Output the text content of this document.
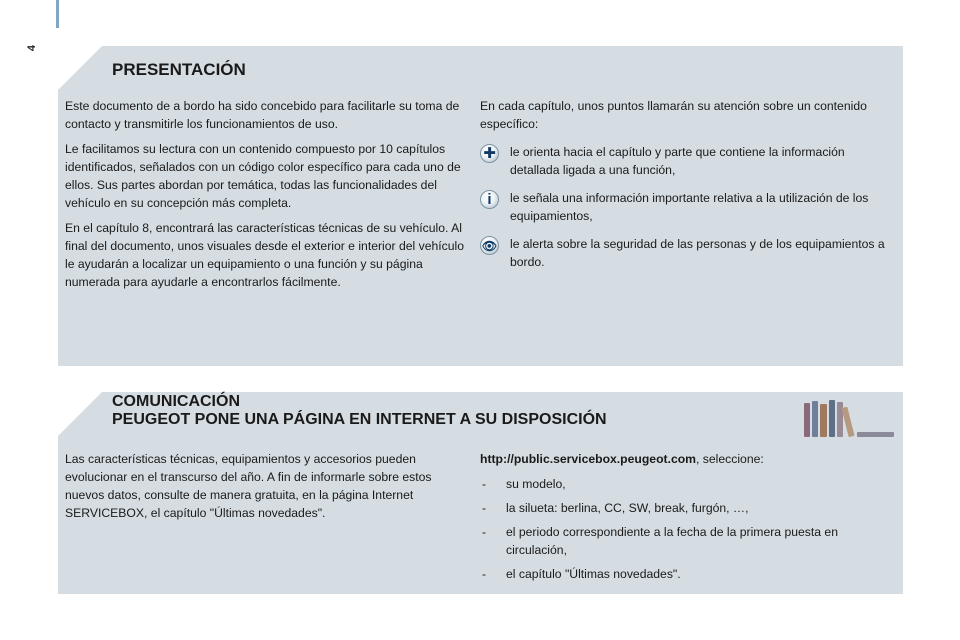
4
PRESENTACIÓN

Este documento de a bordo ha sido concebido para facilitarle su toma de contacto y transmitirle los funcionamientos de uso.

Le facilitamos su lectura con un contenido compuesto por 10 capítulos identificados, señalados con un código color específico para cada uno de ellos. Sus partes abordan por temática, todas las funcionalidades del vehículo en su concepción más completa.

En el capítulo 8, encontrará las características técnicas de su vehículo. Al final del documento, unos visuales desde el exterior e interior del vehículo le ayudarán a localizar un equipamiento o una función y su página numerada para ayudarle a encontrarlos fácilmente.

En cada capítulo, unos puntos llamarán su atención sobre un contenido específico:

✚ le orienta hacia el capítulo y parte que contiene la información detallada ligada a una función,
i	le señala una información importante relativa a la utilización de los equipamientos,
👁 le alerta sobre la seguridad de las personas y de los equipamientos a bordo.
COMUNICACIÓN
PEUGEOT PONE UNA PÁGINA EN INTERNET A SU DISPOSICIÓN

Las características técnicas, equipamientos y accesorios pueden evolucionar en el transcurso del año. A fin de informarle sobre estos nuevos datos, consulte de manera gratuita, en la página Internet SERVICEBOX, el capítulo "Últimas novedades".

http://public.servicebox.peugeot.com, seleccione:

- su modelo,
- la silueta: berlina, CC, SW, break, furgón, …,
- el periodo correspondiente a la fecha de la primera puesta en circulación,
- el capítulo "Últimas novedades".
